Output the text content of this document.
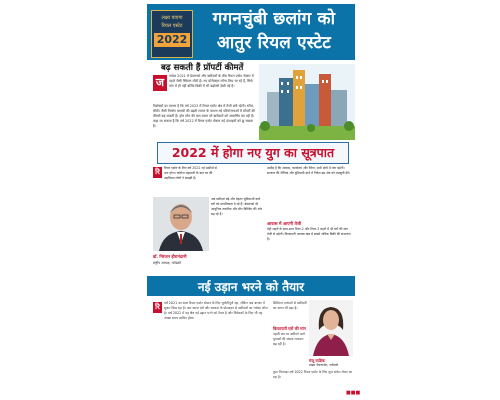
लक्ष्य पाएगा
रियल एस्टेट
2022
गगनचुंबी छलांग को आतुर रियल एस्टेट
बढ़ सकती हैं प्रॉपर्टी कीमतें
ज	नवंबर 2021 में डेवलपर्स और खरीदारों के बीच रियल एस्टेट सेक्टर में पहले जैसी स्थिरता लौटी है। नए प्रोजेक्ट्स लॉन्च किए जा रहे हैं, सिर्फ मांग में ही नहीं बल्कि बिक्री में भी बढ़ोतरी देखी गई है।
विशेषज्ञों का मानना है कि वर्ष 2022 में रियल एस्टेट क्षेत्र में तेजी बनी रहेगी। स्टील, सीमेंट जैसी निर्माण सामग्री की बढ़ती लागत के कारण नई परियोजनाओं में प्रॉपर्टी की कीमतें बढ़ सकती हैं। होम लोन की कम ब्याज दरें खरीदारों को आकर्षित कर रही हैं। कहा जा सकता है कि वर्ष 2022 में रियल एस्टेट सेक्टर नई ऊंचाइयों को छू सकता है।
2022 में होगा नए युग का सूत्रपात
रि	रियल एस्टेट के लिए वर्ष 2022 नई उम्मीदों से भरा होगा। कोरोना महामारी के बाद घर की अहमियत लोगों ने समझी है।
डॉ. निरंजन हीरानंदानी
राष्ट्रीय अध्यक्ष, नारेडको
अब खरीदार बड़े और बेहतर सुविधाओं वाले घरों को प्राथमिकता दे रहे हैं। डेवलपर्स भी आधुनिक तकनीक और ग्रीन बिल्डिंग की ओर बढ़ रहे हैं।
उम्मीद है कि आवास, कार्यालय और रिटेल, सभी क्षेत्रों में मांग बढ़ेगी। सरकार की नीतियां और बुनियादी ढांचे में निवेश इस क्षेत्र को मजबूती देंगे।
आवास में आएगी तेजी
मेट्रो शहरों के साथ-साथ टियर-2 और टियर-3 शहरों में भी घरों की मांग तेजी से बढ़ेगी। किफायती आवास खंड में सबसे अधिक बिक्री की संभावना है।
नई उड़ान भरने को तैयार
रि	वर्ष 2021 का साल रियल एस्टेट सेक्टर के लिए चुनौतीपूर्ण रहा, लेकिन अब बाजार में सुधार दिख रहा है। कम ब्याज दरों और सरकार के प्रोत्साहन से खरीदारों का भरोसा लौटा है। वर्ष 2022 में यह क्षेत्र नई उड़ान भरने को तैयार है और निवेशकों के लिए भी यह अच्छा समय साबित होगा।
डिजिटल माध्यमों से खरीदारी का चलन भी बढ़ा है।
किफायती घरों की मांग
पहली बार घर खरीदने वाले युवाओं की संख्या लगातार बढ़ रही है।
मंजू याज्ञिक
वाइस चेयरपर्सन, नारेडको
कुल मिलाकर वर्ष 2022 रियल एस्टेट के लिए शुभ संकेत लेकर आ रहा है।
■■■
